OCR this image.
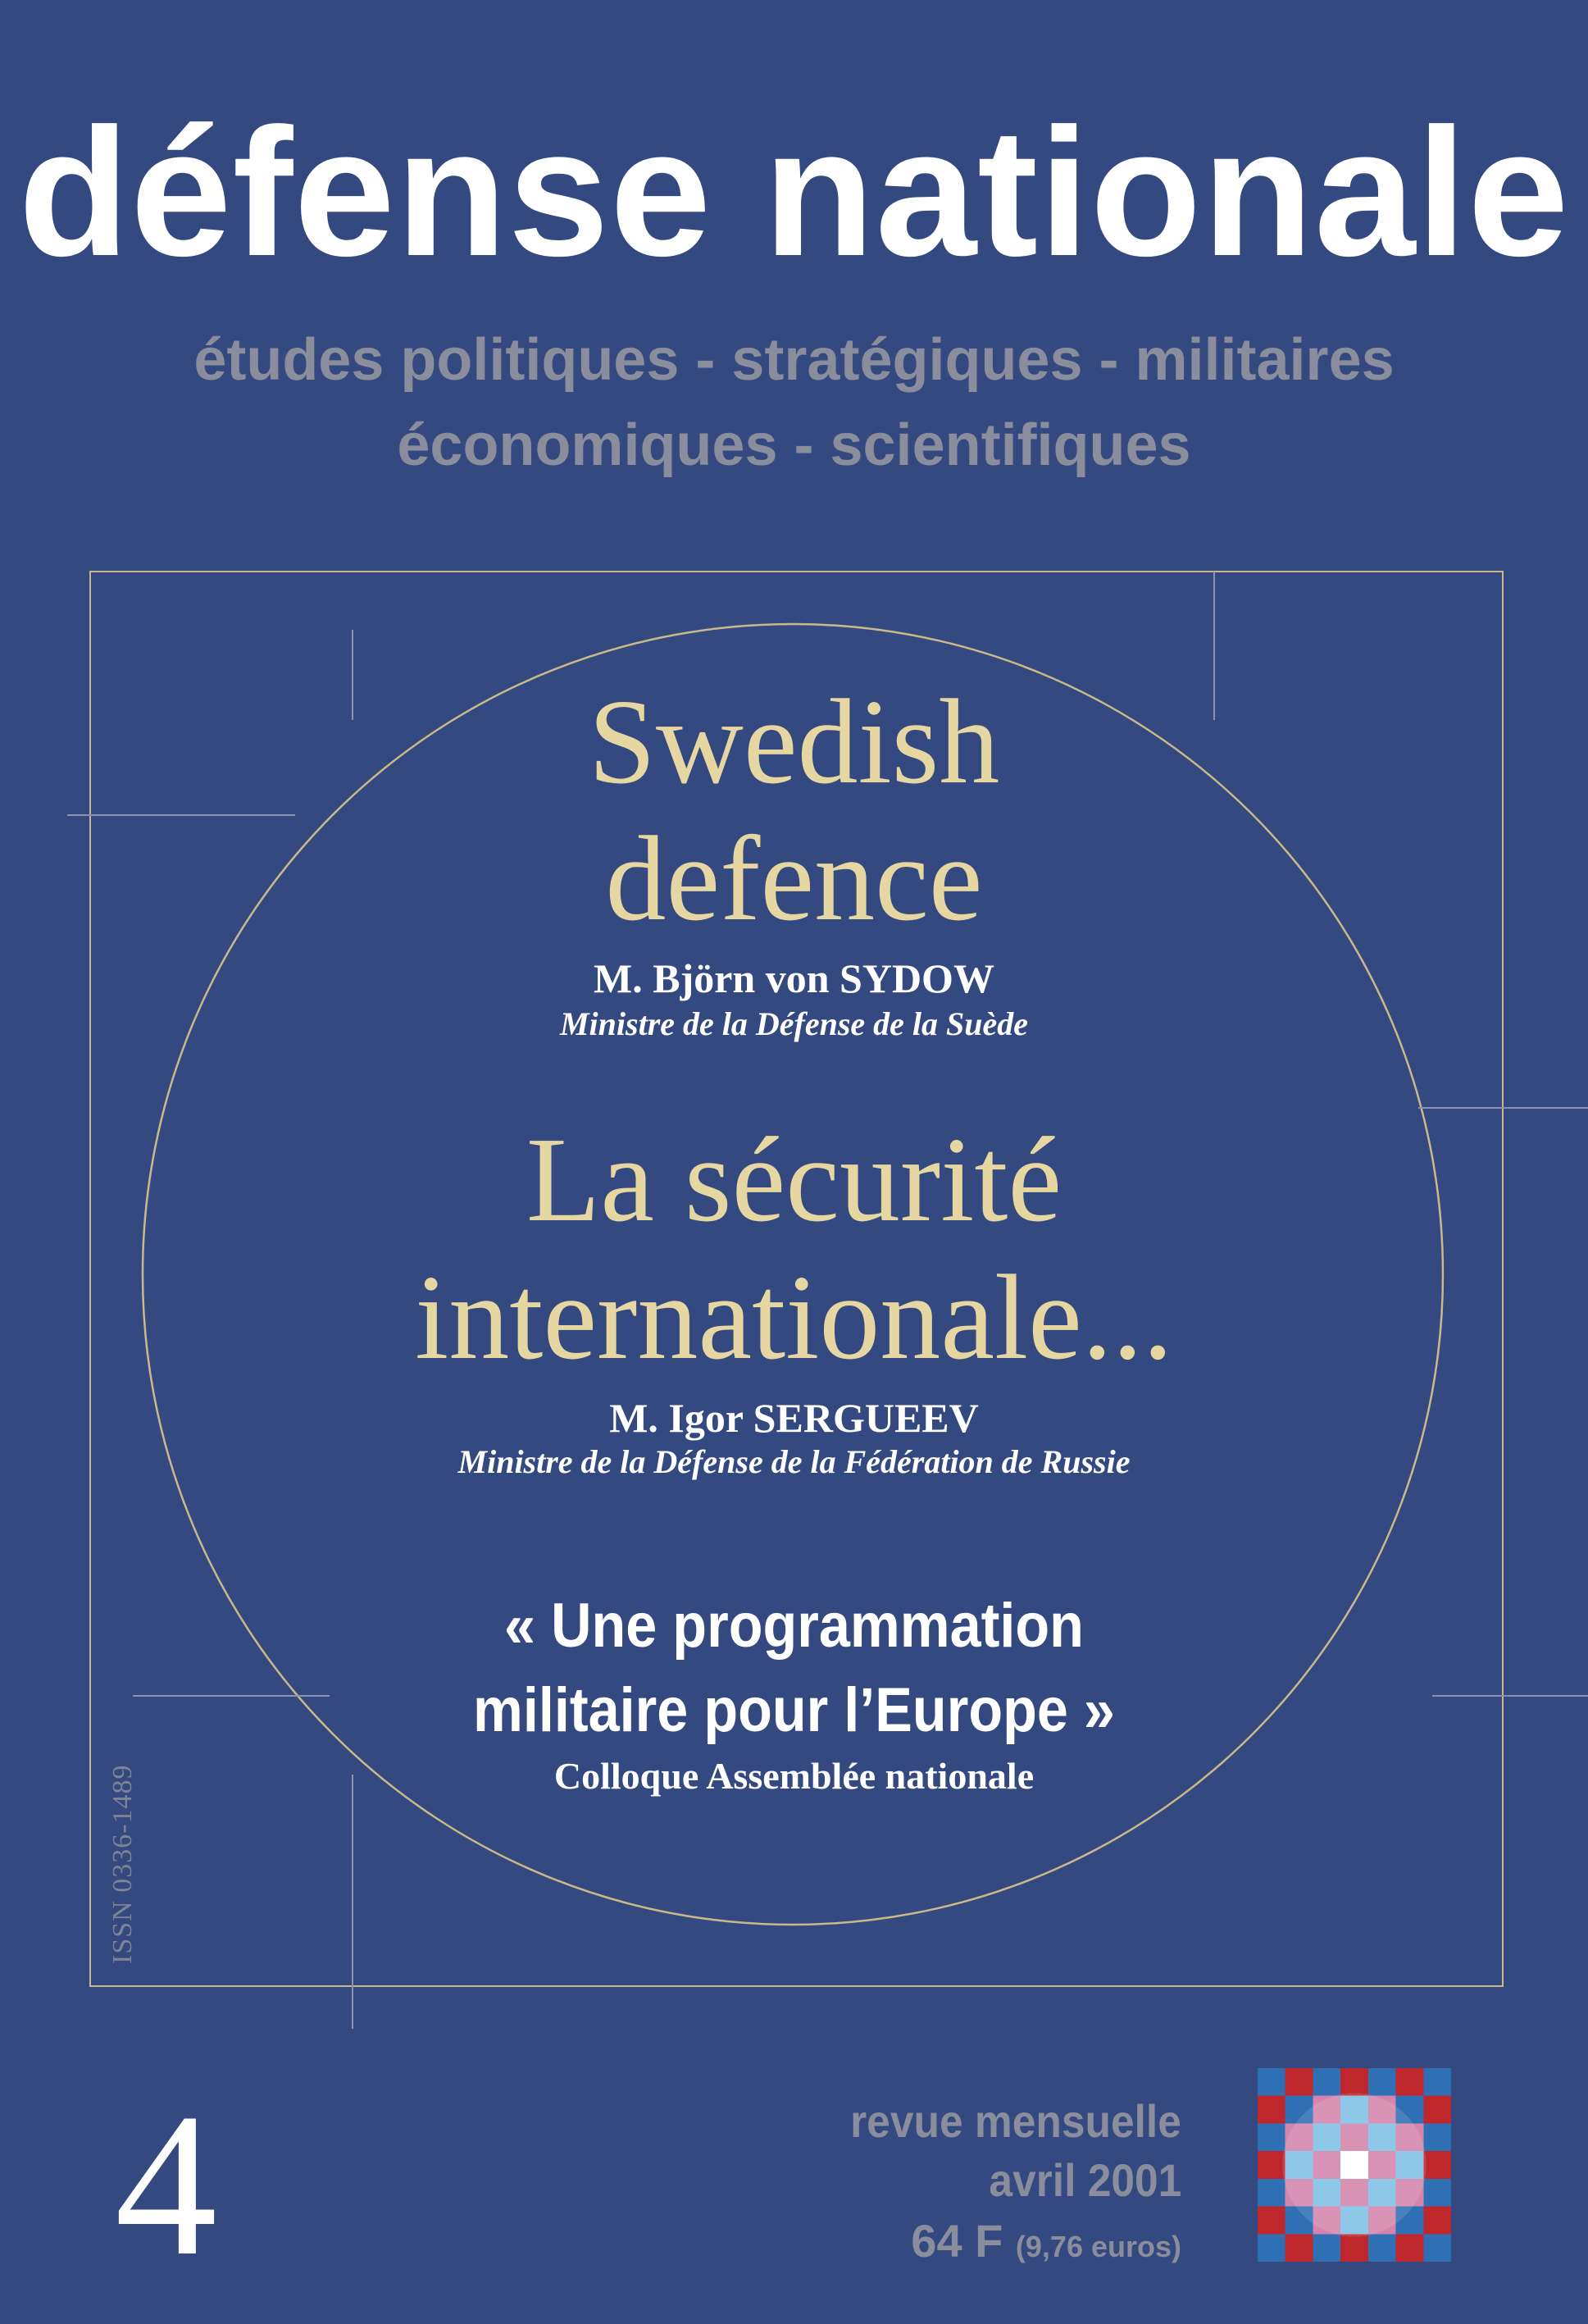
défense nationale
études politiques - stratégiques - militaires
économiques - scientifiques
Swedish
defence
M. Björn von SYDOW
Ministre de la Défense de la Suède
La sécurité
internationale...
M. Igor SERGUEEV
Ministre de la Défense de la Fédération de Russie
« Une programmation
militaire pour l’Europe »
Colloque Assemblée nationale
ISSN 0336-1489
4	revue mensuelle
avril 2001
64 F (9,76 euros)
